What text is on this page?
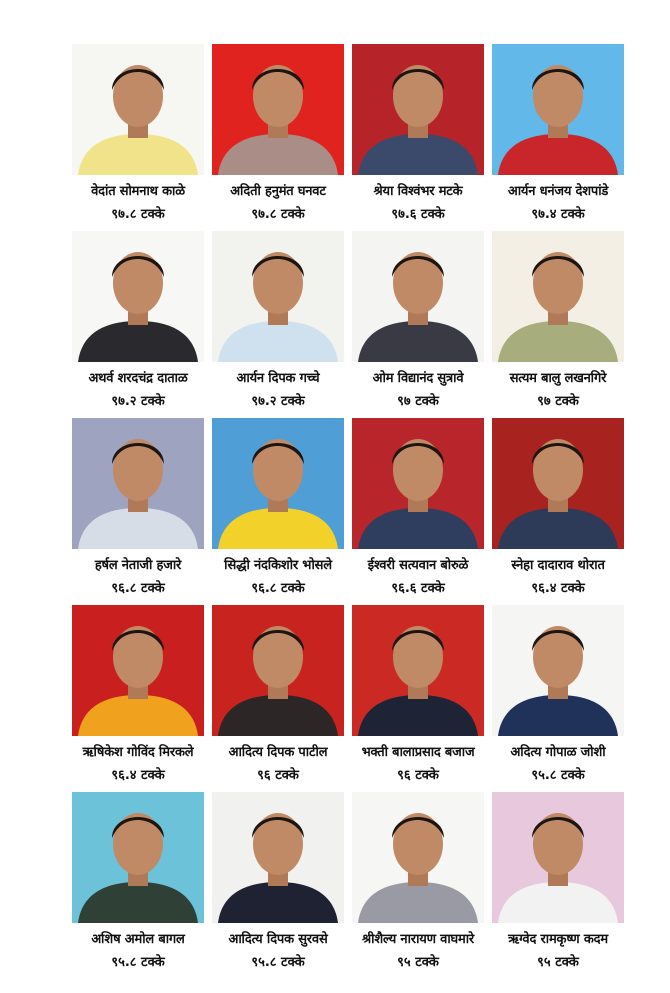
वेदांत सोमनाथ काळे
९७.८ टक्के
अदिती हनुमंत घनवट
९७.८ टक्के
श्रेया विश्वंभर मटके
९७.६ टक्के
आर्यन धनंजय देशपांडे
९७.४ टक्के
अथर्व शरदचंद्र दाताळ
९७.२ टक्के
आर्यन दिपक गच्चे
९७.२ टक्के
ओम विद्यानंद सुत्रावे
९७ टक्के
सत्यम बालु लखनगिरे
९७ टक्के
हर्षल नेताजी हजारे
९६.८ टक्के
सिद्धी नंदकिशोर भोसले
९६.८ टक्के
ईश्वरी सत्यवान बोरुळे
९६.६ टक्के
स्नेहा दादाराव थोरात
९६.४ टक्के
ऋषिकेश गोविंद मिरकले
९६.४ टक्के
आदित्य दिपक पाटील
९६ टक्के
भक्ती बालाप्रसाद बजाज
९६ टक्के
अदित्य गोपाळ जोशी
९५.८ टक्के
अशिष अमोल बागल
९५.८ टक्के
आदित्य दिपक सुरवसे
९५.८ टक्के
श्रीशैल्य नारायण वाघमारे
९५ टक्के
ऋग्वेद रामकृष्ण कदम
९५ टक्के
